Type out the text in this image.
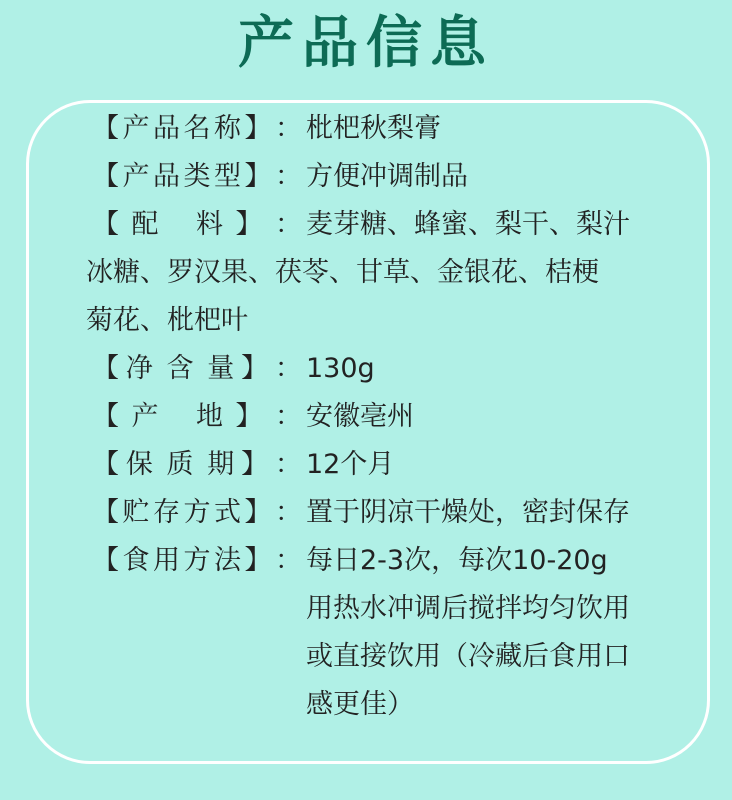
产品信息
【 产 品 名 称 】 ： 枇杷秋梨膏
【 产 品 类 型 】 ： 方便冲调制品
【 配 料 】 ： 麦芽糖、蜂蜜、梨干、梨汁
冰糖、罗汉果、茯苓、甘草、金银花、桔梗
菊花、枇杷叶
【 净 含 量 】 ： 130g
【 产 地 】 ： 安徽亳州
【 保 质 期 】 ： 12个月
【 贮 存 方 式 】 ： 置于阴凉干燥处，密封保存
【 食 用 方 法 】 ： 每日2-3次，每次10-20g
用热水冲调后搅拌均匀饮用
或直接饮用（冷藏后食用口
感更佳）
